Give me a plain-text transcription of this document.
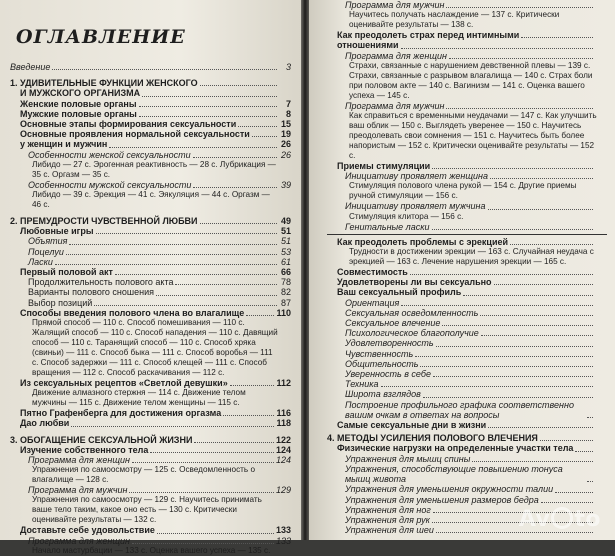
ОГЛАВЛЕНИЕ
Введение	3
1. УДИВИТЕЛЬНЫЕ ФУНКЦИИ ЖЕНСКОГО
И МУЖСКОГО ОРГАНИЗМА
Женские половые органы	7
Мужские половые органы	8
Основные этапы формирования сексуальности	15
Основные проявления нормальной сексуальности	19
у женщин и мужчин	26
Особенности женской сексуальности	26
Либидо — 27 с. Эрогенная реактивность — 28 с. Лубрикация — 35 с. Оргазм — 35 с.
Особенности мужской сексуальности	39
Либидо — 39 с. Эрекция — 41 с. Эякуляция — 44 с. Оргазм — 46 с.
2. ПРЕМУДРОСТИ ЧУВСТВЕННОЙ ЛЮБВИ	49
Любовные игры	51
Объятия	51
Поцелуи	53
Ласки	61
Первый половой акт	66
Продолжительность полового акта	78
Варианты полового сношения	82
Выбор позиций	87
Способы введения полового члена во влагалище	110
Прямой способ — 110 с. Способ помешивания — 110 с. Жалящий способ — 110 с. Способ нападения — 110 с. Давящий способ — 110 с. Таранящий способ — 110 с. Способ хряка (свиньи) — 111 с. Способ быка — 111 с. Способ воробья — 111 с. Способ задержки — 111 с. Способ клещей — 111 с. Способ вращения — 112 с. Способ раскачивания — 112 с.
Из сексуальных рецептов «Светлой девушки»	112
Движение алмазного стержня — 114 с. Движение телом мужчины — 115 с. Движение телом женщины — 115 с.
Пятно Графенберга для достижения оргазма	116
Дао любви	118
3. ОБОГАЩЕНИЕ СЕКСУАЛЬНОЙ ЖИЗНИ	122
Изучение собственного тела	124
Программа для женщин	124
Упражнения по самоосмотру — 125 с. Осведомленность о влагалище — 128 с.
Программа для мужчин	129
Упражнения по самоосмотру — 129 с. Научитесь принимать ваше тело таким, какое оно есть — 130 с. Критически оценивайте результаты — 132 с.
Доставьте себе удовольствие	133
Программа для женщин	133
Начало мастурбации — 133 с. Оценка вашего успеха — 135 с.
Программа для мужчин
Научитесь получать наслаждение — 137 с. Критически оценивайте результаты — 138 с.
Как преодолеть страх перед интимными
отношениями
Программа для женщин
Страхи, связанные с нарушением девственной плевы — 139 с. Страхи, связанные с разрывом влагалища — 140 с. Страх боли при половом акте — 140 с. Вагинизм — 141 с. Оценка вашего успеха — 145 с.
Программа для мужчин
Как справиться с временными неудачами — 147 с. Как улучшить ваш облик — 150 с. Выглядеть уверенее — 150 с. Научитесь преодолевать свои сомнения — 151 с. Научитесь быть более напористым — 152 с. Критически оценивайте результаты — 152 с.
Приемы стимуляции
Инициативу проявляет женщина
Стимуляция полового члена рукой — 154 с. Другие приемы ручной стимуляции — 156 с.
Инициативу проявляет мужчина
Стимуляция клитора — 156 с.
Генитальные ласки
Как преодолеть проблемы с эрекцией
Трудности в достижении эрекции — 163 с. Случайная неудача с эрекцией — 163 с. Лечение нарушения эрекции — 165 с.
Совместимость
Удовлетворены ли вы сексуально
Ваш сексуальный профиль
Ориентация
Сексуальная осведомленность
Сексуальное влечение
Психологическое благополучие
Удовлетворенность
Чувственность
Общительность
Уверенность в себе
Техника
Широта взглядов
Построение профильного графика соответственно вашим очкам в ответах на вопросы
Самые сексуальные дни в жизни
4. МЕТОДЫ УСИЛЕНИЯ ПОЛОВОГО ВЛЕЧЕНИЯ
Физические нагрузки на определенные участки тела
Упражнения для мышц спины
Упражнения, способствующие повышению тонуса мышц живота
Упражнения для уменьшения окружности талии
Упражнения для уменьшения размеров бедра
Упражнения для ног
Упражнения для рук
Упражнения для шеи	Av to
